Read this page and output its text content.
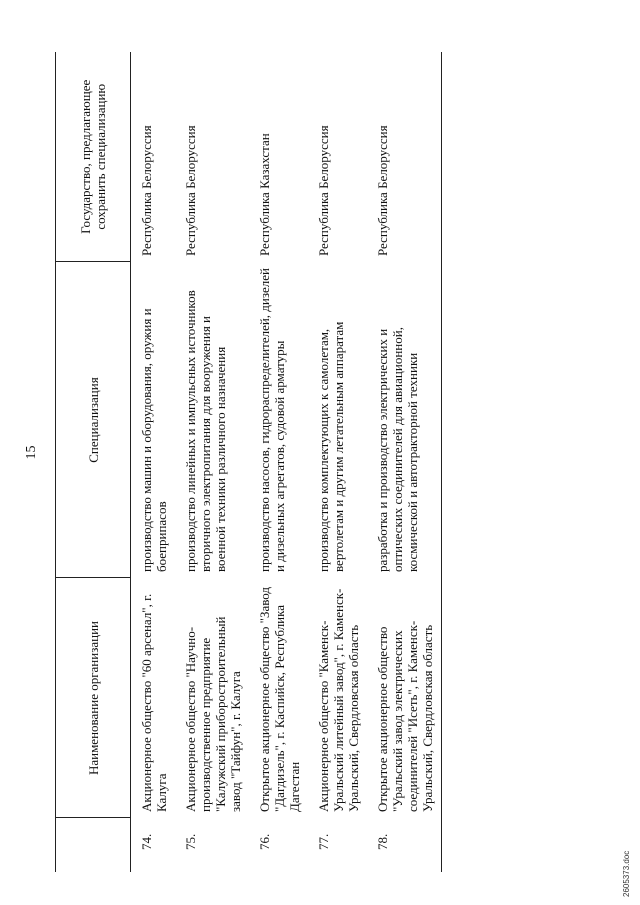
15
	Наименование организации	Специализация	Государство, предлагающее сохранить специализацию
74.	Акционерное общество "60 арсенал", г. Калуга	производство машин и оборудования, оружия и боеприпасов	Республика Белоруссия
75.	Акционерное общество "Научно-производственное предприятие "Калужский приборостроительный завод "Тайфун", г. Калуга	производство линейных и импульсных источников вторичного электропитания для вооружения и военной техники различного назначения	Республика Белоруссия
76.	Открытое акционерное общество "Завод "Дагдизель", г. Каспийск, Республика Дагестан	производство насосов, гидрораспределителей, дизелей и дизельных агрегатов, судовой арматуры	Республика Казахстан
77.	Акционерное общество "Каменск-Уральский литейный завод", г. Каменск-Уральский, Свердловская область	производство комплектующих к самолетам, вертолетам и другим летательным аппаратам	Республика Белоруссия
78.	Открытое акционерное общество "Уральский завод электрических соединителей "Исеть", г. Каменск-Уральский, Свердловская область	разработка и производство электрических и оптических соединителей для авиационной, космической и автотракторной техники	Республика Белоруссия
2605373.doc
